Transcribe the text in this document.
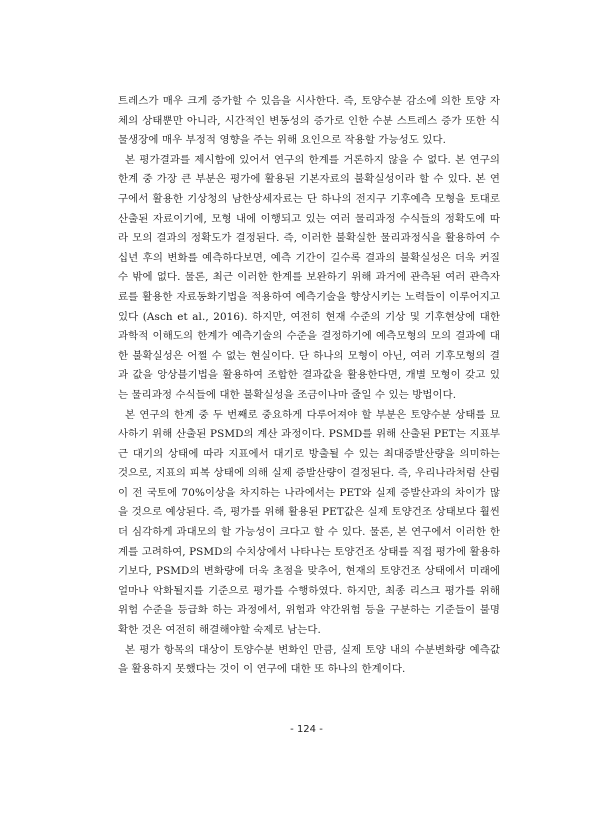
트레스가 매우 크게 증가할 수 있음을 시사한다. 즉, 토양수분 감소에 의한 토양 자체의 상태뿐만 아니라, 시간적인 변동성의 증가로 인한 수분 스트레스 증가 또한 식물생장에 매우 부정적 영향을 주는 위해 요인으로 작용할 가능성도 있다.

본 평가결과를 제시함에 있어서 연구의 한계를 거론하지 않을 수 없다. 본 연구의 한계 중 가장 큰 부분은 평가에 활용된 기본자료의 불확실성이라 할 수 있다. 본 연구에서 활용한 기상청의 남한상세자료는 단 하나의 전지구 기후예측 모형을 토대로 산출된 자료이기에, 모형 내에 이행되고 있는 여러 물리과정 수식들의 정확도에 따라 모의 결과의 정확도가 결정된다. 즉, 이러한 불확실한 물리과정식을 활용하여 수십년 후의 변화를 예측하다보면, 예측 기간이 길수록 결과의 불확실성은 더욱 커질 수 밖에 없다. 물론, 최근 이러한 한계를 보완하기 위해 과거에 관측된 여러 관측자료를 활용한 자료동화기법을 적용하여 예측기술을 향상시키는 노력들이 이루어지고 있다 (Asch et al., 2016). 하지만, 여전히 현재 수준의 기상 및 기후현상에 대한 과학적 이해도의 한계가 예측기술의 수준을 결정하기에 예측모형의 모의 결과에 대한 불확실성은 어쩔 수 없는 현실이다. 단 하나의 모형이 아닌, 여러 기후모형의 결과 값을 앙상블기법을 활용하여 조합한 결과값을 활용한다면, 개별 모형이 갖고 있는 물리과정 수식들에 대한 불확실성을 조금이나마 줄일 수 있는 방법이다.

본 연구의 한계 중 두 번째로 중요하게 다루어져야 할 부분은 토양수분 상태를 묘사하기 위해 산출된 PSMD의 계산 과정이다. PSMD를 위해 산출된 PET는 지표부근 대기의 상태에 따라 지표에서 대기로 방출될 수 있는 최대증발산량을 의미하는 것으로, 지표의 피복 상태에 의해 실제 증발산량이 결정된다. 즉, 우리나라처럼 산림이 전 국토에 70%이상을 차지하는 나라에서는 PET와 실제 증발산과의 차이가 많을 것으로 예상된다. 즉, 평가를 위해 활용된 PET값은 실제 토양건조 상태보다 훨씬 더 심각하게 과대모의 할 가능성이 크다고 할 수 있다. 물론, 본 연구에서 이러한 한계를 고려하여, PSMD의 수치상에서 나타나는 토양건조 상태를 직접 평가에 활용하기보다, PSMD의 변화량에 더욱 초점을 맞추어, 현재의 토양건조 상태에서 미래에 얼마나 악화될지를 기준으로 평가를 수행하였다. 하지만, 최종 리스크 평가를 위해 위험 수준을 등급화 하는 과정에서, 위험과 약간위험 등을 구분하는 기준들이 불명확한 것은 여전히 해결해야할 숙제로 남는다.

본 평가 항목의 대상이 토양수분 변화인 만큼, 실제 토양 내의 수분변화량 예측값을 활용하지 못했다는 것이 이 연구에 대한 또 하나의 한계이다.

- 124 -
